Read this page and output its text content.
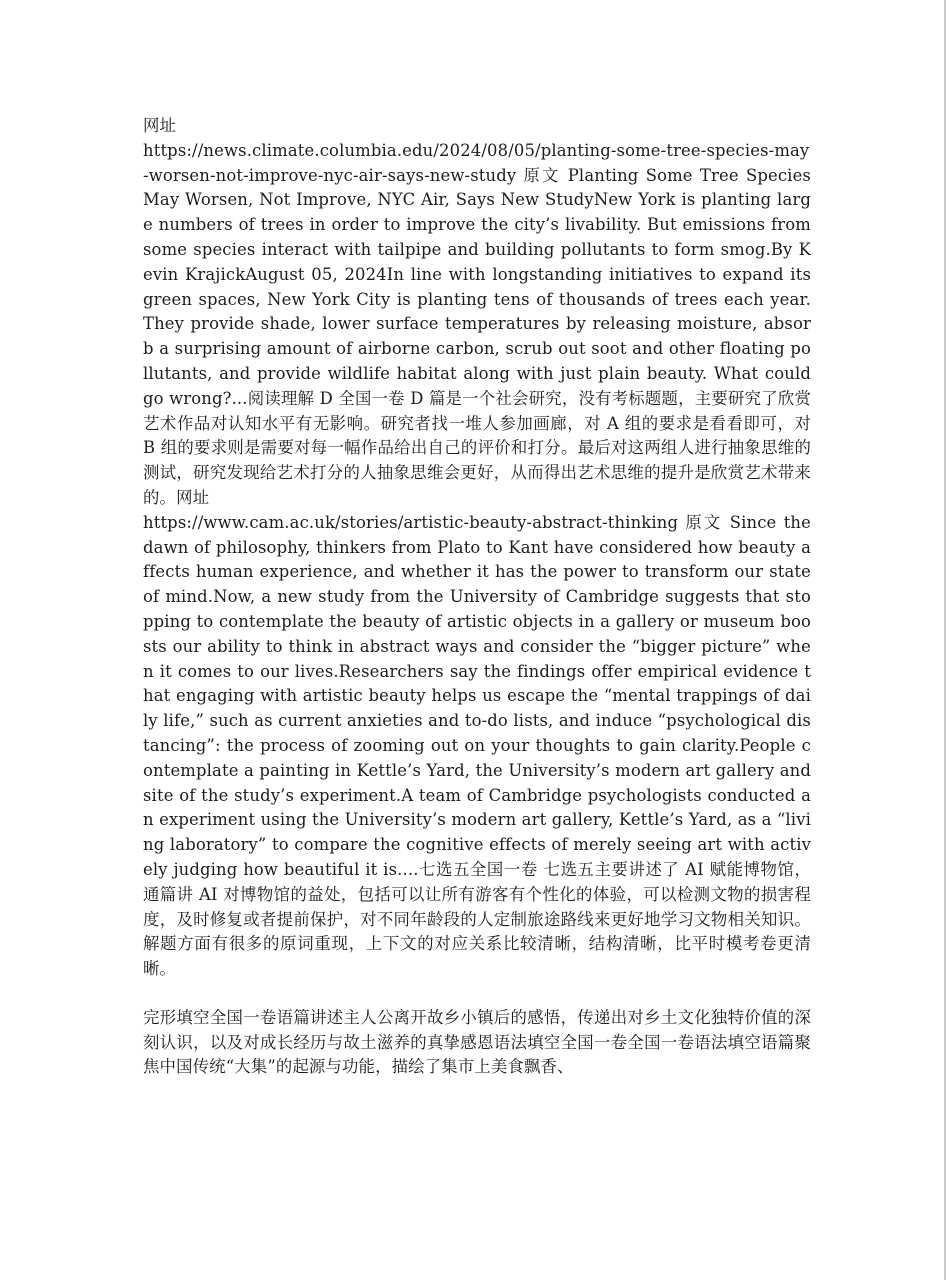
网址

https://news.climate.columbia.edu/2024/08/05/planting-some-tree-species-may-worsen-not-improve-nyc-air-says-new-study 原文 Planting Some Tree Species May Worsen, Not Improve, NYC Air, Says New StudyNew York is planting large numbers of trees in order to improve the city’s livability. But emissions from some species interact with tailpipe and building pollutants to form smog.By Kevin KrajickAugust 05, 2024In line with longstanding initiatives to expand its green spaces, New York City is planting tens of thousands of trees each year. They provide shade, lower surface temperatures by releasing moisture, absorb a surprising amount of airborne carbon, scrub out soot and other floating pollutants, and provide wildlife habitat along with just plain beauty. What could go wrong?...阅读理解 D 全国一卷 D 篇是一个社会研究，没有考标题题，主要研究了欣赏艺术作品对认知水平有无影响。研究者找一堆人参加画廊，对 A 组的要求是看看即可，对 B 组的要求则是需要对每一幅作品给出自己的评价和打分。最后对这两组人进行抽象思维的测试，研究发现给艺术打分的人抽象思维会更好，从而得出艺术思维的提升是欣赏艺术带来的。网址

https://www.cam.ac.uk/stories/artistic-beauty-abstract-thinking 原文 Since the dawn of philosophy, thinkers from Plato to Kant have considered how beauty affects human experience, and whether it has the power to transform our state of mind.Now, a new study from the University of Cambridge suggests that stopping to contemplate the beauty of artistic objects in a gallery or museum boosts our ability to think in abstract ways and consider the “bigger picture” when it comes to our lives.Researchers say the findings offer empirical evidence that engaging with artistic beauty helps us escape the “mental trappings of daily life,” such as current anxieties and to-do lists, and induce “psychological distancing”: the process of zooming out on your thoughts to gain clarity.People contemplate a painting in Kettle’s Yard, the University’s modern art gallery and site of the study’s experiment.A team of Cambridge psychologists conducted an experiment using the University’s modern art gallery, Kettle’s Yard, as a “living laboratory” to compare the cognitive effects of merely seeing art with actively judging how beautiful it is....七选五全国一卷 七选五主要讲述了 AI 赋能博物馆，通篇讲 AI 对博物馆的益处，包括可以让所有游客有个性化的体验，可以检测文物的损害程度，及时修复或者提前保护，对不同年龄段的人定制旅途路线来更好地学习文物相关知识。解题方面有很多的原词重现，上下文的对应关系比较清晰，结构清晰，比平时模考卷更清晰。

完形填空全国一卷语篇讲述主人公离开故乡小镇后的感悟，传递出对乡土文化独特价值的深刻认识，以及对成长经历与故土滋养的真挚感恩语法填空全国一卷全国一卷语法填空语篇聚焦中国传统“大集”的起源与功能，描绘了集市上美食飘香、
